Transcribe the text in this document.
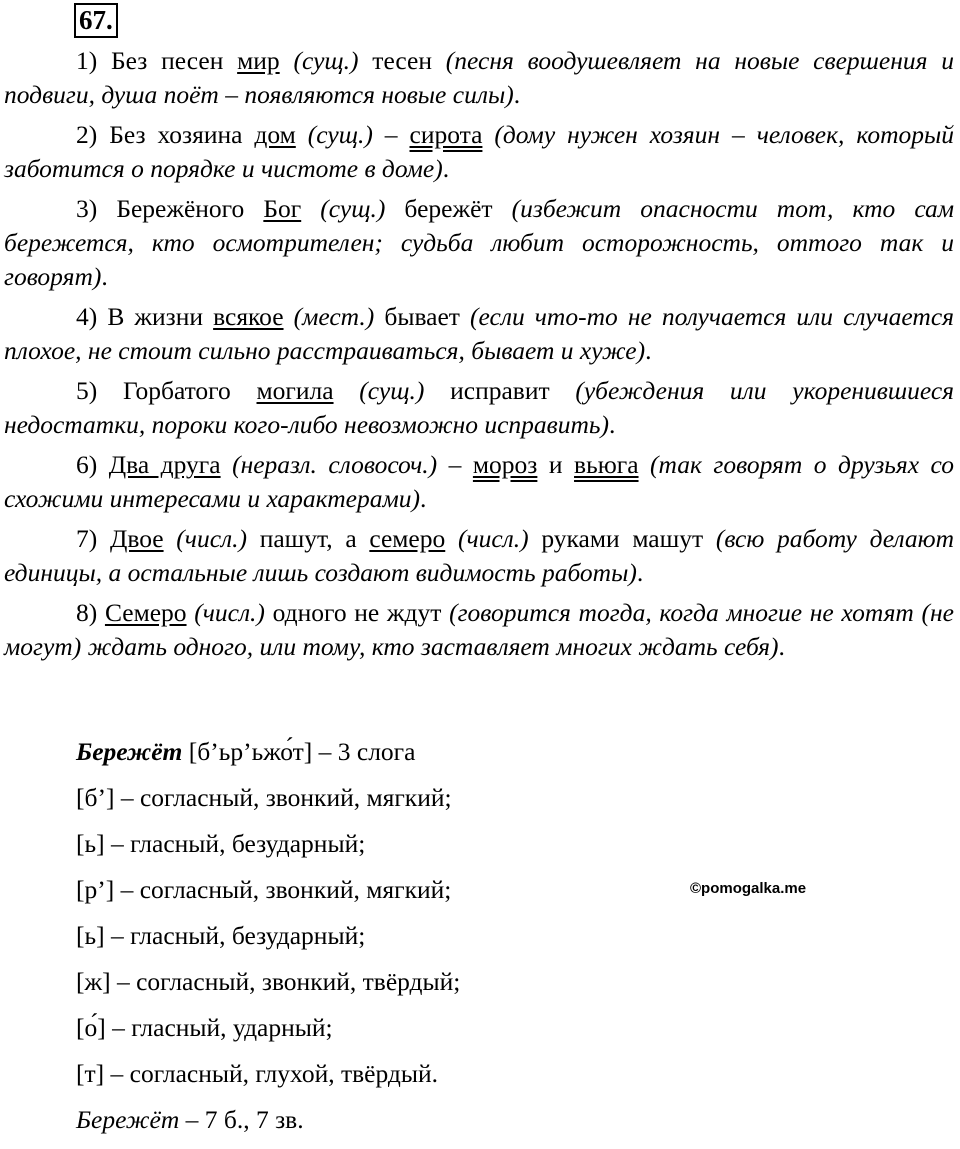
67.

1) Без песен мир (сущ.) тесен (песня воодушевляет на новые свершения и подвиги, душа поёт – появляются новые силы).

2) Без хозяина дом (сущ.) – сирота (дому нужен хозяин – человек, который заботится о порядке и чистоте в доме).

3) Бережёного Бог (сущ.) бережёт (избежит опасности тот, кто сам бережется, кто осмотрителен; судьба любит осторожность, оттого так и говорят).

4) В жизни всякое (мест.) бывает (если что-то не получается или случается плохое, не стоит сильно расстраиваться, бывает и хуже).

5) Горбатого могила (сущ.) исправит (убеждения или укоренившиеся недостатки, пороки кого-либо невозможно исправить).

6) Два друга (неразл. словосоч.) – мороз и вьюга (так говорят о друзьях со схожими интересами и характерами).

7) Двое (числ.) пашут, а семеро (числ.) руками машут (всю работу делают единицы, а остальные лишь создают видимость работы).

8) Семеро (числ.) одного не ждут (говорится тогда, когда многие не хотят (не могут) ждать одного, или тому, кто заставляет многих ждать себя).

Бережёт [б’ьр’ьжо́т] – 3 слога
[б’] – согласный, звонкий, мягкий;
[ь] – гласный, безударный;
[р’] – согласный, звонкий, мягкий;
[ь] – гласный, безударный;
[ж] – согласный, звонкий, твёрдый;
[о́] – гласный, ударный;
[т] – согласный, глухой, твёрдый.
Бережёт – 7 б., 7 зв.
©pomogalka.me
